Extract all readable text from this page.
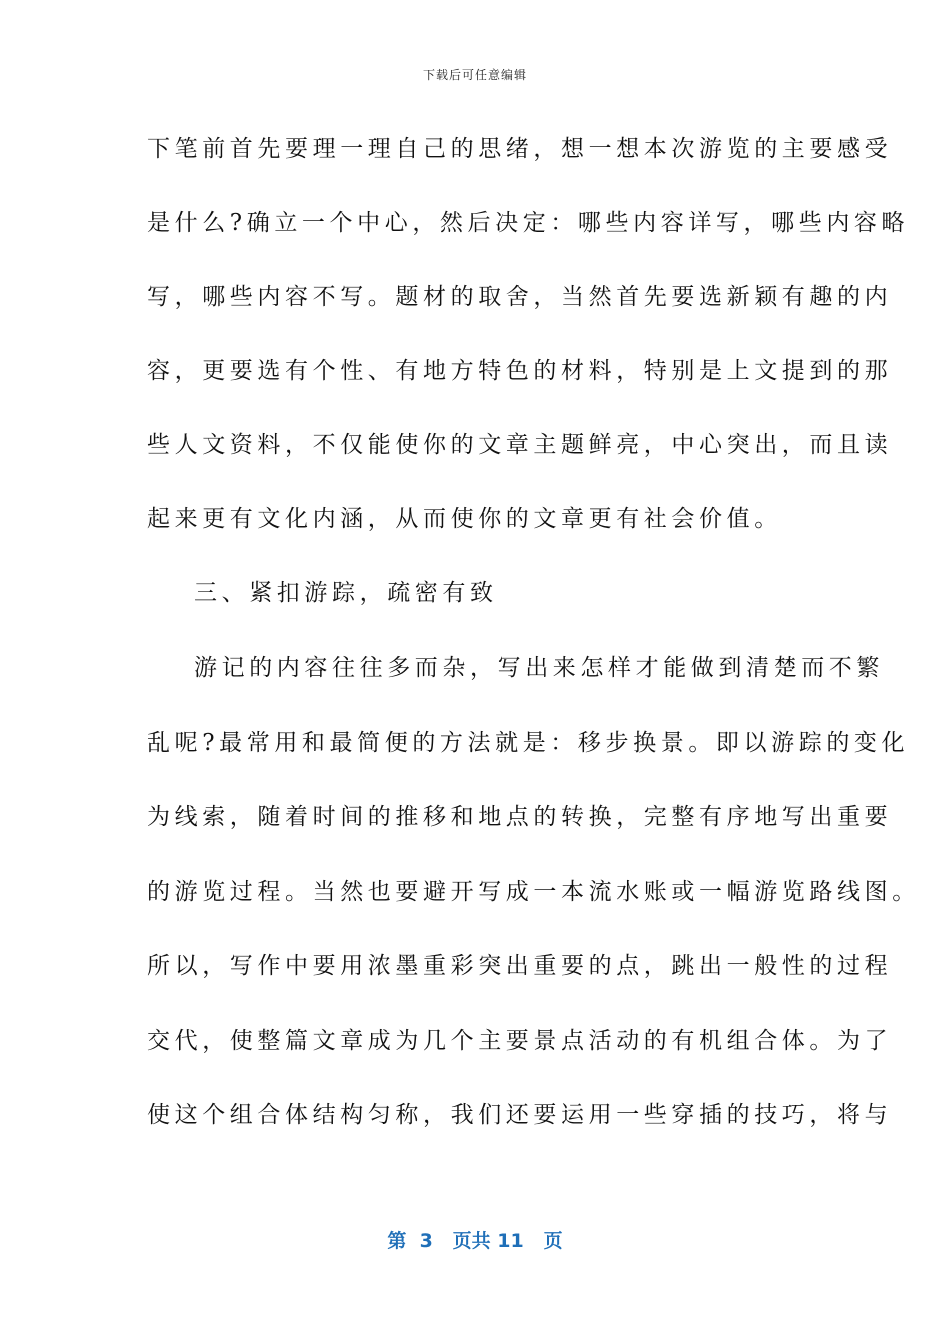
下载后可任意编辑
下笔前首先要理一理自己的思绪，想一想本次游览的主要感受
是什么?确立一个中心，然后决定：哪些内容详写，哪些内容略
写，哪些内容不写。题材的取舍，当然首先要选新颖有趣的内
容，更要选有个性、有地方特色的材料，特别是上文提到的那
些人文资料，不仅能使你的文章主题鲜亮，中心突出，而且读
起来更有文化内涵，从而使你的文章更有社会价值。
三、紧扣游踪，疏密有致
游记的内容往往多而杂，写出来怎样才能做到清楚而不繁
乱呢?最常用和最简便的方法就是：移步换景。即以游踪的变化
为线索，随着时间的推移和地点的转换，完整有序地写出重要
的游览过程。当然也要避开写成一本流水账或一幅游览路线图。
所以，写作中要用浓墨重彩突出重要的点，跳出一般性的过程
交代，使整篇文章成为几个主要景点活动的有机组合体。为了
使这个组合体结构匀称，我们还要运用一些穿插的技巧，将与
第  3   页共 11   页
